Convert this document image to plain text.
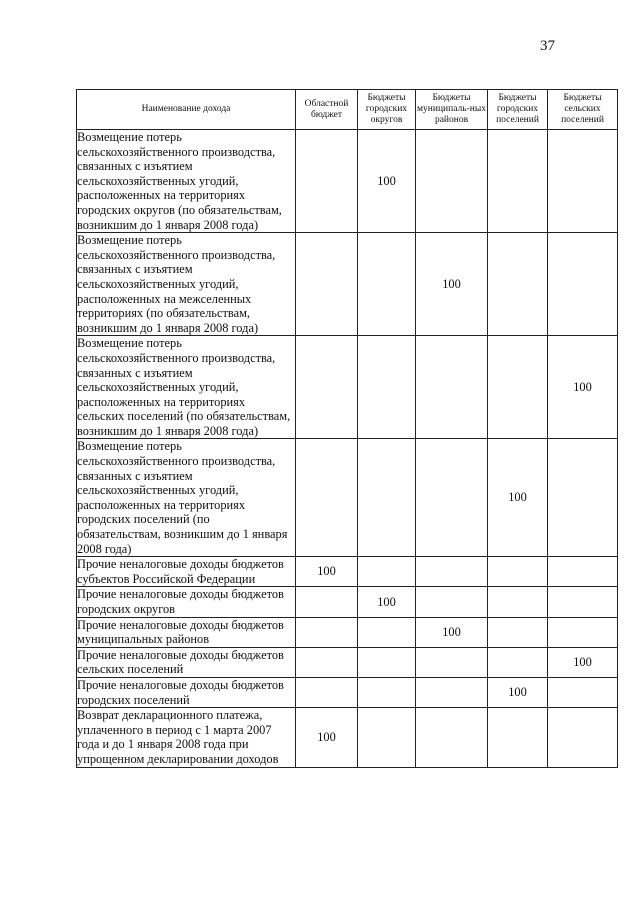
37
Наименование дохода	Областной бюджет	Бюджеты городских округов	Бюджеты муниципаль-ных районов	Бюджеты городских поселений	Бюджеты сельских поселений
Возмещение потерь сельскохозяйственного производства, связанных с изъятием сельскохозяйственных угодий, расположенных на территориях городских округов (по обязательствам, возникшим до 1 января 2008 года)		100			
Возмещение потерь сельскохозяйственного производства, связанных с изъятием сельскохозяйственных угодий, расположенных на межселенных территориях (по обязательствам, возникшим до 1 января 2008 года)			100		
Возмещение потерь сельскохозяйственного производства, связанных с изъятием сельскохозяйственных угодий, расположенных на территориях сельских поселений (по обязательствам, возникшим до 1 января 2008 года)					100
Возмещение потерь сельскохозяйственного производства, связанных с изъятием сельскохозяйственных угодий, расположенных на территориях городских поселений (по обязательствам, возникшим до 1 января 2008 года)				100	
Прочие неналоговые доходы бюджетов субъектов Российской Федерации	100				
Прочие неналоговые доходы бюджетов городских округов		100			
Прочие неналоговые доходы бюджетов муниципальных районов			100		
Прочие неналоговые доходы бюджетов сельских поселений					100
Прочие неналоговые доходы бюджетов городских поселений				100	
Возврат декларационного платежа, уплаченного в период с 1 марта 2007 года и до 1 января 2008 года при упрощенном декларировании доходов	100				
